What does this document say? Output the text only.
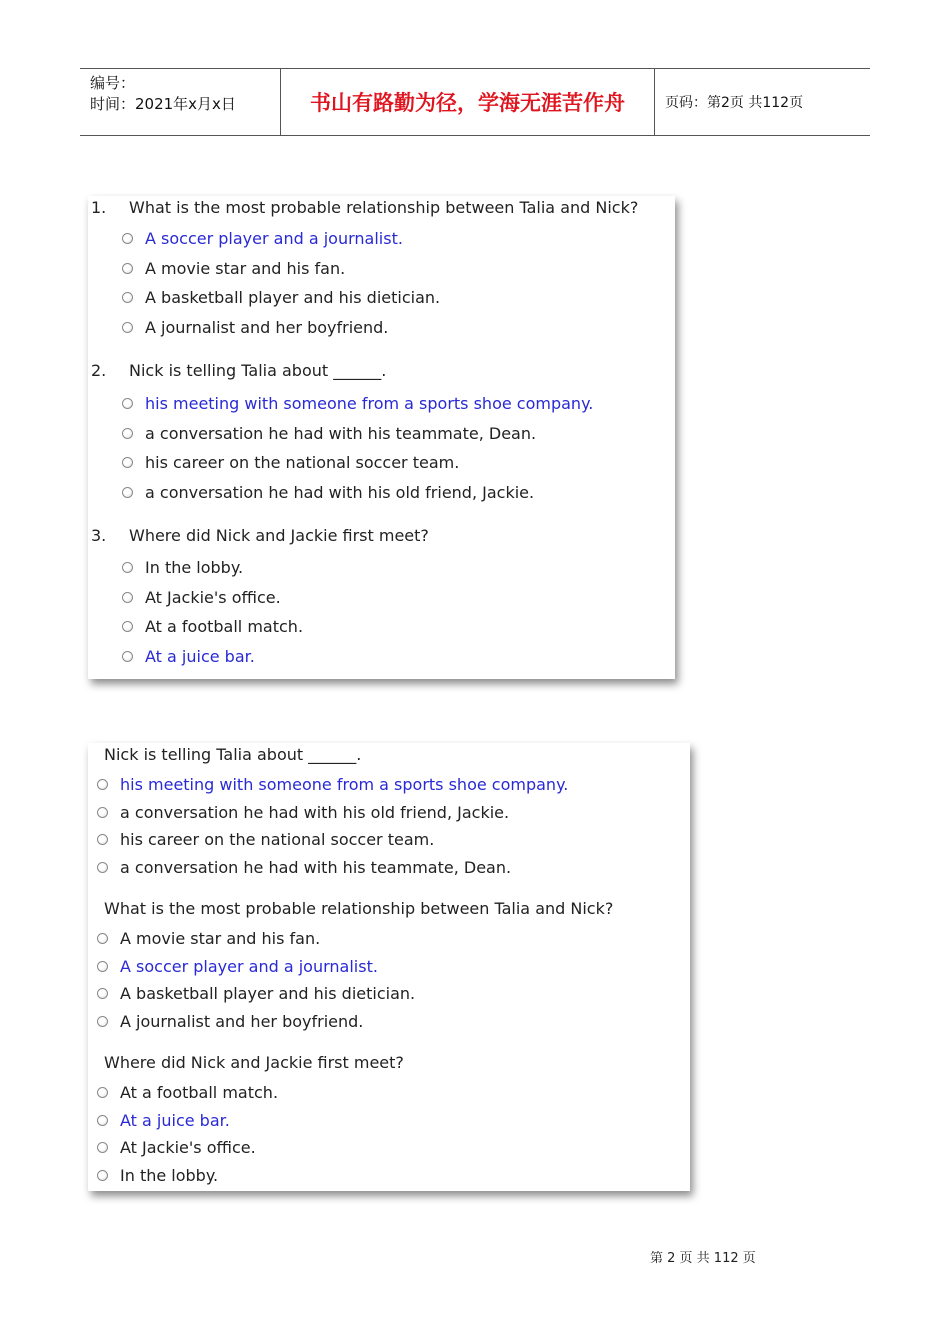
编号：
时间：2021年x月x日	书山有路勤为径，学海无涯苦作舟	页码：第2页 共112页
1. What is the most probable relationship between Talia and Nick?
A soccer player and a journalist.
A movie star and his fan.
A basketball player and his dietician.
A journalist and her boyfriend.
2. Nick is telling Talia about ______.
his meeting with someone from a sports shoe company.
a conversation he had with his teammate, Dean.
his career on the national soccer team.
a conversation he had with his old friend, Jackie.
3. Where did Nick and Jackie first meet?
In the lobby.
At Jackie's office.
At a football match.
At a juice bar.
Nick is telling Talia about ______.
his meeting with someone from a sports shoe company.
a conversation he had with his old friend, Jackie.
his career on the national soccer team.
a conversation he had with his teammate, Dean.
What is the most probable relationship between Talia and Nick?
A movie star and his fan.
A soccer player and a journalist.
A basketball player and his dietician.
A journalist and her boyfriend.
Where did Nick and Jackie first meet?
At a football match.
At a juice bar.
At Jackie's office.
In the lobby.
第 2 页 共 112 页
